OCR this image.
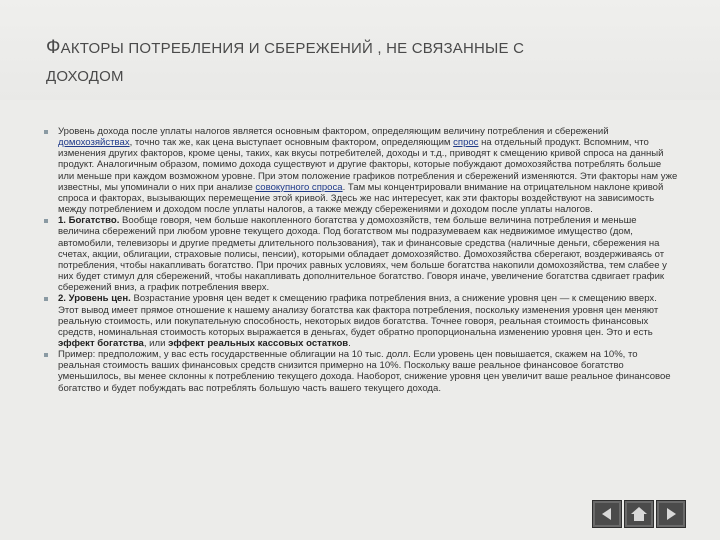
ФАКТОРЫ ПОТРЕБЛЕНИЯ И СБЕРЕЖЕНИЙ , НЕ СВЯЗАННЫЕ С
ДОХОДОМ

Уровень дохода после уплаты налогов является основным фактором, определяющим величину потребления и сбережений домохозяйствах, точно так же, как цена выступает основным фактором, определяющим спрос на отдельный продукт. Вспомним, что изменения других факторов, кроме цены, таких, как вкусы потребителей, доходы и т.д., приводят к смещению кривой спроса на данный продукт. Аналогичным образом, помимо дохода существуют и другие факторы, которые побуждают домохозяйства потреблять больше или меньше при каждом возможном уровне. При этом положение графиков потребления и сбережений изменяются. Эти факторы нам уже известны, мы упоминали о них при анализе совокупного спроса. Там мы концентрировали внимание на отрицательном наклоне кривой спроса и факторах, вызывающих перемещение этой кривой. Здесь же нас интересует, как эти факторы воздействуют на зависимость между потреблением и доходом после уплаты налогов, а также между сбережениями и доходом после уплаты налогов.

1. Богатство. Вообще говоря, чем больше накопленного богатства у домохозяйств, тем больше величина потребления и меньше величина сбережений при любом уровне текущего дохода. Под богатством мы подразумеваем как недвижимое имущество (дом, автомобили, телевизоры и другие предметы длительного пользования), так и финансовые средства (наличные деньги, сбережения на счетах, акции, облигации, страховые полисы, пенсии), которыми обладает домохозяйство. Домохозяйства сберегают, воздерживаясь от потребления, чтобы накапливать богатство. При прочих равных условиях, чем больше богатства накопили домохозяйства, тем слабее у них будет стимул для сбережений, чтобы накапливать дополнительное богатство. Говоря иначе, увеличение богатства сдвигает график сбережений вниз, а график потребления вверх.

2. Уровень цен. Возрастание уровня цен ведет к смещению графика потребления вниз, а снижение уровня цен — к смещению вверх. Этот вывод имеет прямое отношение к нашему анализу богатства как фактора потребления, поскольку изменения уровня цен меняют реальную стоимость, или покупательную способность, некоторых видов богатства. Точнее говоря, реальная стоимость финансовых средств, номинальная стоимость которых выражается в деньгах, будет обратно пропорциональна изменению уровня цен. Это и есть эффект богатства, или эффект реальных кассовых остатков.

Пример: предположим, у вас есть государственные облигации на 10 тыс. долл. Если уровень цен повышается, скажем на 10%, то реальная стоимость ваших финансовых средств снизится примерно на 10%. Поскольку ваше реальное финансовое богатство уменьшилось, вы менее склонны к потреблению текущего дохода. Наоборот, снижение уровня цен увеличит ваше реальное финансовое богатство и будет побуждать вас потреблять большую часть вашего текущего дохода.
